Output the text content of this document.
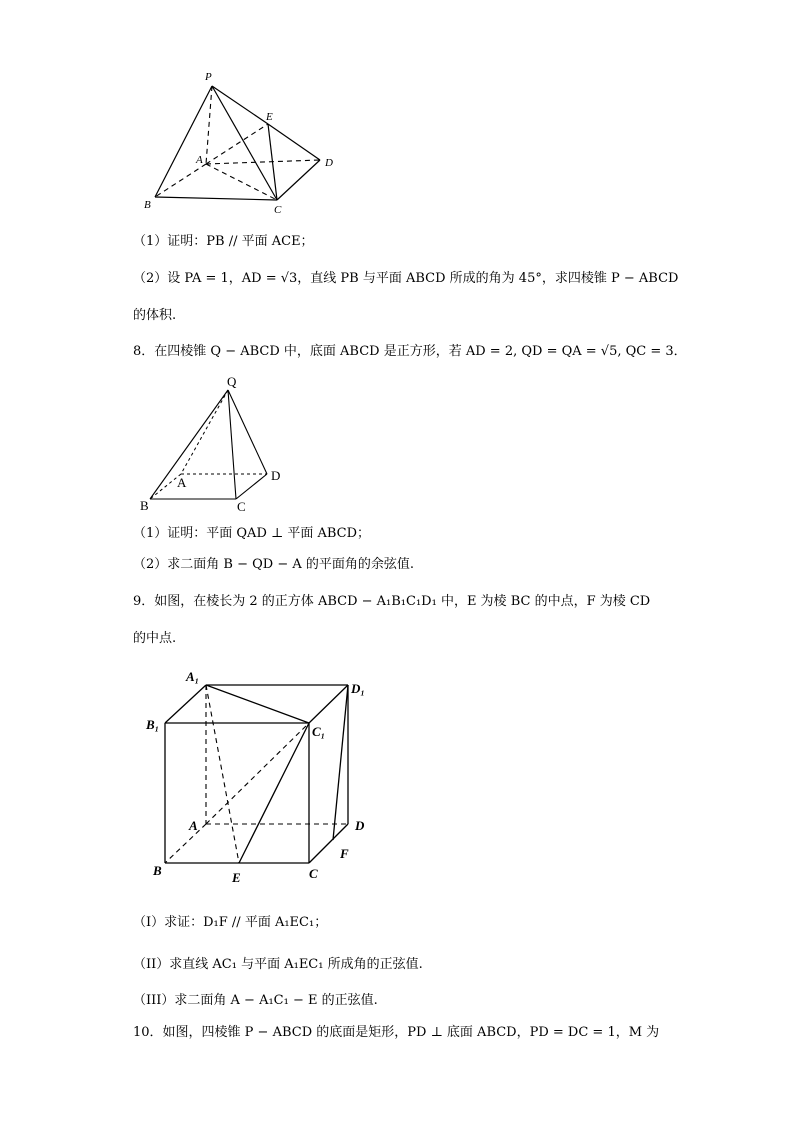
P
E
A	D
B	C
Q
A	D
B	C
A₁
D₁
B₁	C₁
A	D
F
B	E	C
（1）证明：PB // 平面 ACE；
（2）设 PA = 1，AD = √3，直线 PB 与平面 ABCD 所成的角为 45°，求四棱锥 P − ABCD
的体积.
8．在四棱锥 Q − ABCD 中，底面 ABCD 是正方形，若 AD = 2, QD = QA = √5, QC = 3．
（1）证明：平面 QAD ⊥ 平面 ABCD；
（2）求二面角 B − QD − A 的平面角的余弦值.
9．如图，在棱长为 2 的正方体 ABCD − A₁B₁C₁D₁ 中，E 为棱 BC 的中点，F 为棱 CD
的中点.
（I）求证：D₁F // 平面 A₁EC₁；
（II）求直线 AC₁ 与平面 A₁EC₁ 所成角的正弦值.
（III）求二面角 A − A₁C₁ − E 的正弦值.
10．如图，四棱锥 P − ABCD 的底面是矩形，PD ⊥ 底面 ABCD，PD = DC = 1，M 为
